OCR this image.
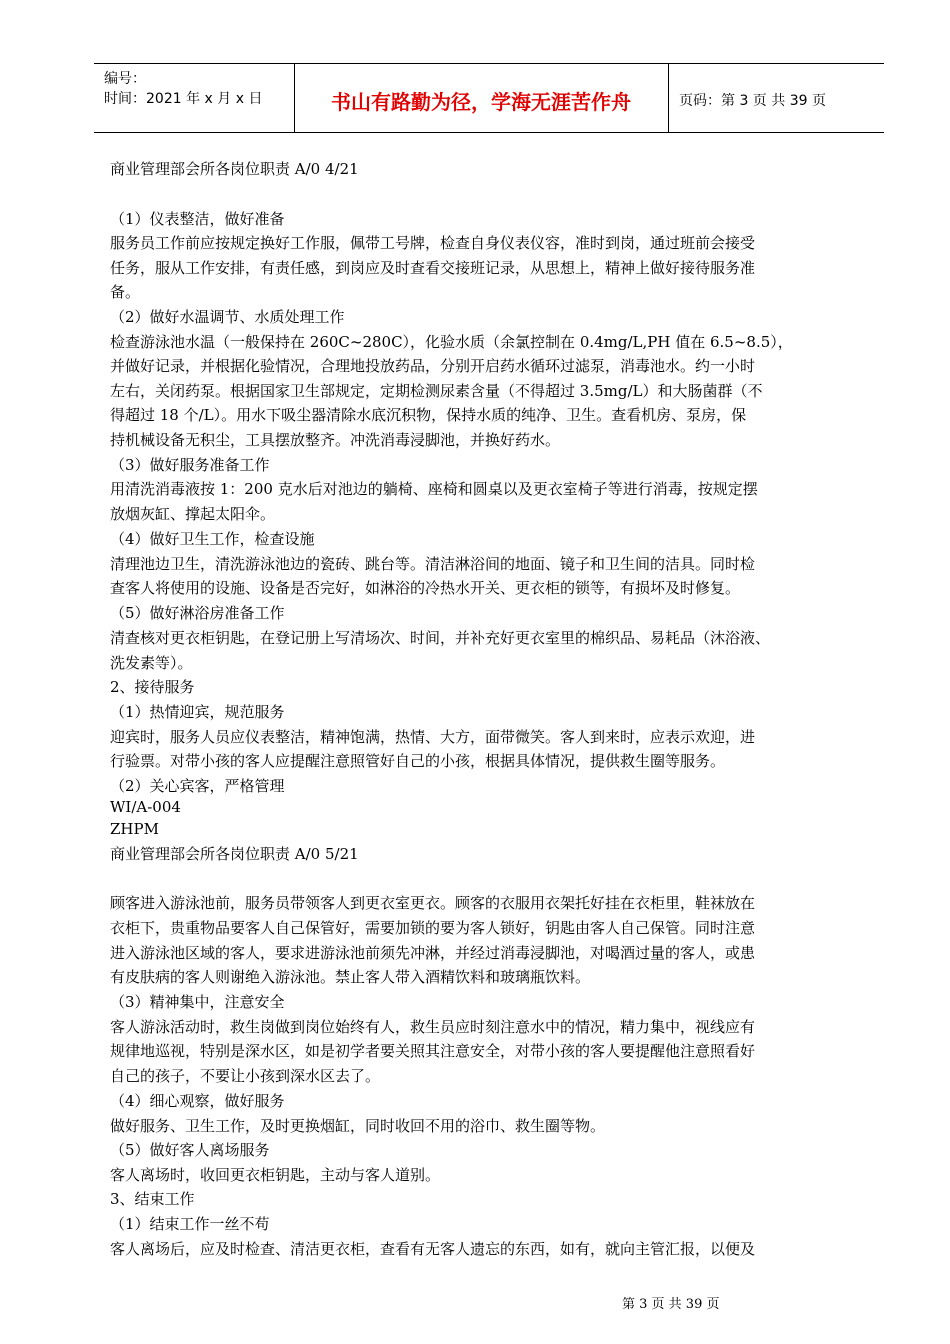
编号：
时间：2021 年 x 月 x 日	书山有路勤为径，学海无涯苦作舟	页码：第 3 页 共 39 页
商业管理部会所各岗位职责 A/0 4/21
（1）仪表整洁，做好准备
服务员工作前应按规定换好工作服，佩带工号牌，检查自身仪表仪容，准时到岗，通过班前会接受
任务，服从工作安排，有责任感，到岗应及时查看交接班记录，从思想上，精神上做好接待服务准
备。
（2）做好水温调节、水质处理工作
检查游泳池水温（一般保持在 260C~280C），化验水质（余氯控制在 0.4mg/L,PH 值在 6.5~8.5），
并做好记录，并根据化验情况，合理地投放药品，分别开启药水循环过滤泵，消毒池水。约一小时
左右，关闭药泵。根据国家卫生部规定，定期检测尿素含量（不得超过 3.5mg/L）和大肠菌群（不
得超过 18 个/L）。用水下吸尘器清除水底沉积物，保持水质的纯净、卫生。查看机房、泵房，保
持机械设备无积尘，工具摆放整齐。冲洗消毒浸脚池，并换好药水。
（3）做好服务准备工作
用清洗消毒液按 1：200 克水后对池边的躺椅、座椅和圆桌以及更衣室椅子等进行消毒，按规定摆
放烟灰缸、撑起太阳伞。
（4）做好卫生工作，检查设施
清理池边卫生，清洗游泳池边的瓷砖、跳台等。清洁淋浴间的地面、镜子和卫生间的洁具。同时检
查客人将使用的设施、设备是否完好，如淋浴的冷热水开关、更衣柜的锁等，有损坏及时修复。
（5）做好淋浴房准备工作
清查核对更衣柜钥匙，在登记册上写清场次、时间，并补充好更衣室里的棉织品、易耗品（沐浴液、
洗发素等）。
2、接待服务
（1）热情迎宾，规范服务
迎宾时，服务人员应仪表整洁，精神饱满，热情、大方，面带微笑。客人到来时，应表示欢迎，进
行验票。对带小孩的客人应提醒注意照管好自己的小孩，根据具体情况，提供救生圈等服务。
（2）关心宾客，严格管理
WI/A-004
ZHPM
商业管理部会所各岗位职责 A/0 5/21
顾客进入游泳池前，服务员带领客人到更衣室更衣。顾客的衣服用衣架托好挂在衣柜里，鞋袜放在
衣柜下，贵重物品要客人自己保管好，需要加锁的要为客人锁好，钥匙由客人自己保管。同时注意
进入游泳池区域的客人，要求进游泳池前须先冲淋，并经过消毒浸脚池，对喝酒过量的客人，或患
有皮肤病的客人则谢绝入游泳池。禁止客人带入酒精饮料和玻璃瓶饮料。
（3）精神集中，注意安全
客人游泳活动时，救生岗做到岗位始终有人，救生员应时刻注意水中的情况，精力集中，视线应有
规律地巡视，特别是深水区，如是初学者要关照其注意安全，对带小孩的客人要提醒他注意照看好
自己的孩子，不要让小孩到深水区去了。
（4）细心观察，做好服务
做好服务、卫生工作，及时更换烟缸，同时收回不用的浴巾、救生圈等物。
（5）做好客人离场服务
客人离场时，收回更衣柜钥匙，主动与客人道别。
3、结束工作
（1）结束工作一丝不苟
客人离场后，应及时检查、清洁更衣柜，查看有无客人遗忘的东西，如有，就向主管汇报，以便及
第 3 页 共 39 页
